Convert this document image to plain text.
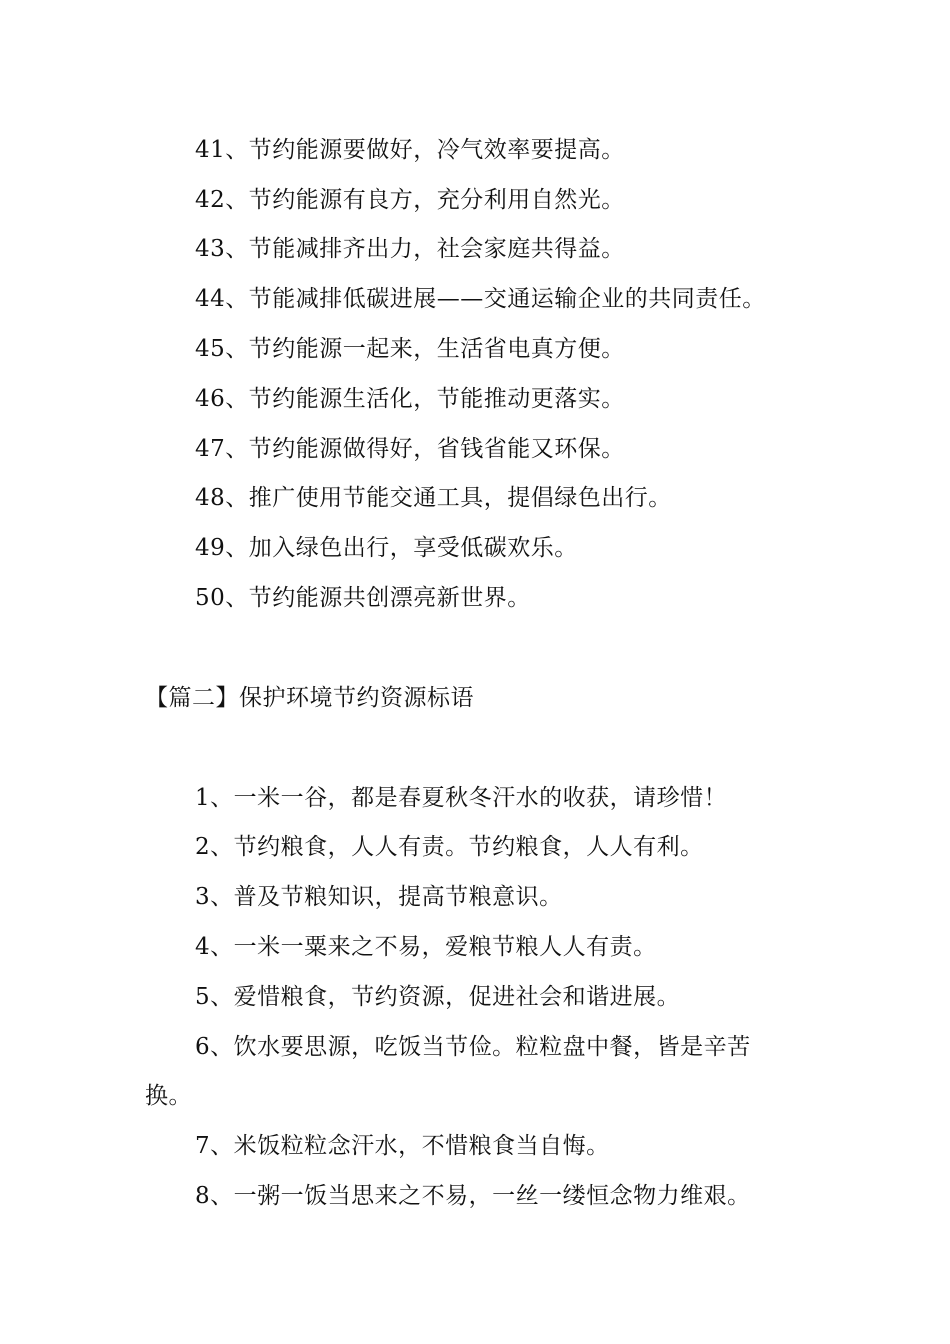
41、节约能源要做好，冷气效率要提高。
42、节约能源有良方，充分利用自然光。
43、节能减排齐出力，社会家庭共得益。
44、节能减排低碳进展——交通运输企业的共同责任。
45、节约能源一起来，生活省电真方便。
46、节约能源生活化，节能推动更落实。
47、节约能源做得好，省钱省能又环保。
48、推广使用节能交通工具，提倡绿色出行。
49、加入绿色出行，享受低碳欢乐。
50、节约能源共创漂亮新世界。
【篇二】保护环境节约资源标语
1、一米一谷，都是春夏秋冬汗水的收获，请珍惜！
2、节约粮食，人人有责。节约粮食，人人有利。
3、普及节粮知识，提高节粮意识。
4、一米一粟来之不易，爱粮节粮人人有责。
5、爱惜粮食，节约资源，促进社会和谐进展。
6、饮水要思源，吃饭当节俭。粒粒盘中餐，皆是辛苦
换。
7、米饭粒粒念汗水，不惜粮食当自悔。
8、一粥一饭当思来之不易，一丝一缕恒念物力维艰。
